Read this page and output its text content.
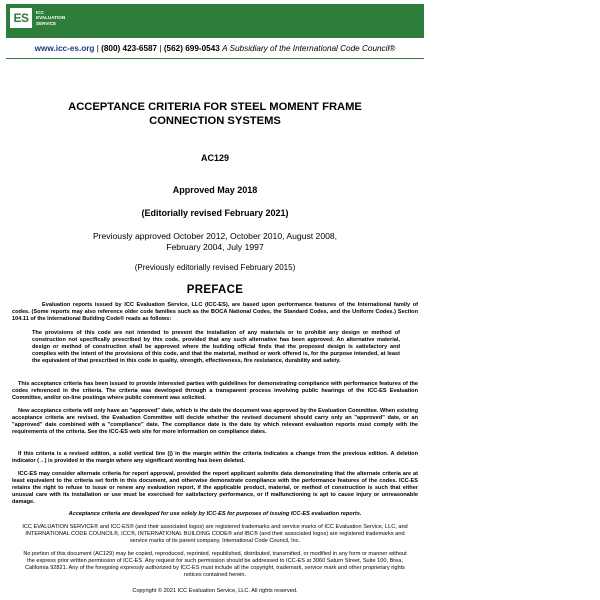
ES	ICC
EVALUATION
SERVICE
www.icc-es.org | (800) 423-6587 | (562) 699-0543 A Subsidiary of the International Code Council®
ACCEPTANCE CRITERIA FOR STEEL MOMENT FRAME
CONNECTION SYSTEMS
AC129
Approved May 2018
(Editorially revised February 2021)
Previously approved October 2012, October 2010, August 2008,
February 2004, July 1997
(Previously editorially revised February 2015)
PREFACE
Evaluation reports issued by ICC Evaluation Service, LLC (ICC-ES), are based upon performance features of the International family of codes. (Some reports may also reference older code families such as the BOCA National Codes, the Standard Codes, and the Uniform Codes.) Section 104.11 of the International Building Code® reads as follows:
The provisions of this code are not intended to prevent the installation of any materials or to prohibit any design or method of construction not specifically prescribed by this code, provided that any such alternative has been approved. An alternative material, design or method of construction shall be approved where the building official finds that the proposed design is satisfactory and complies with the intent of the provisions of this code, and that the material, method or work offered is, for the purpose intended, at least the equivalent of that prescribed in this code in quality, strength, effectiveness, fire resistance, durability and safety.
This acceptance criteria has been issued to provide interested parties with guidelines for demonstrating compliance with performance features of the codes referenced in the criteria. The criteria was developed through a transparent process involving public hearings of the ICC-ES Evaluation Committee, and/or on-line postings where public comment was solicited.
New acceptance criteria will only have an "approved" date, which is the date the document was approved by the Evaluation Committee. When existing acceptance criteria are revised, the Evaluation Committee will decide whether the revised document should carry only an "approved" date, or an "approved" date combined with a "compliance" date. The compliance date is the date by which relevant evaluation reports must comply with the requirements of the criteria. See the ICC-ES web site for more information on compliance dates.
If this criteria is a revised edition, a solid vertical line (|) in the margin within the criteria indicates a change from the previous edition. A deletion indicator (→) is provided in the margin where any significant wording has been deleted.
ICC-ES may consider alternate criteria for report approval, provided the report applicant submits data demonstrating that the alternate criteria are at least equivalent to the criteria set forth in this document, and otherwise demonstrate compliance with the performance features of the codes. ICC-ES retains the right to refuse to issue or renew any evaluation report, if the applicable product, material, or method of construction is such that either unusual care with its installation or use must be exercised for satisfactory performance, or if malfunctioning is apt to cause injury or unreasonable damage.
Acceptance criteria are developed for use solely by ICC-ES for purposes of issuing ICC-ES evaluation reports.
ICC EVALUATION SERVICE® and ICC-ES® (and their associated logos) are registered trademarks and service marks of ICC Evaluation Service, LLC, and INTERNATIONAL CODE COUNCIL®, ICC®, INTERNATIONAL BUILDING CODE® and IBC® (and their associated logos) are registered trademarks and service marks of its parent company, International Code Council, Inc.
No portion of this document (AC129) may be copied, reproduced, reprinted, republished, distributed, transmitted, or modified in any form or manner without the express prior written permission of ICC-ES. Any request for such permission should be addressed to ICC-ES at 3060 Saturn Street, Suite 100, Brea, California 92821. Any of the foregoing expressly authorized by ICC-ES must include all the copyright, trademark, service mark and other proprietary rights notices contained herein.
Copyright © 2021 ICC Evaluation Service, LLC. All rights reserved.
